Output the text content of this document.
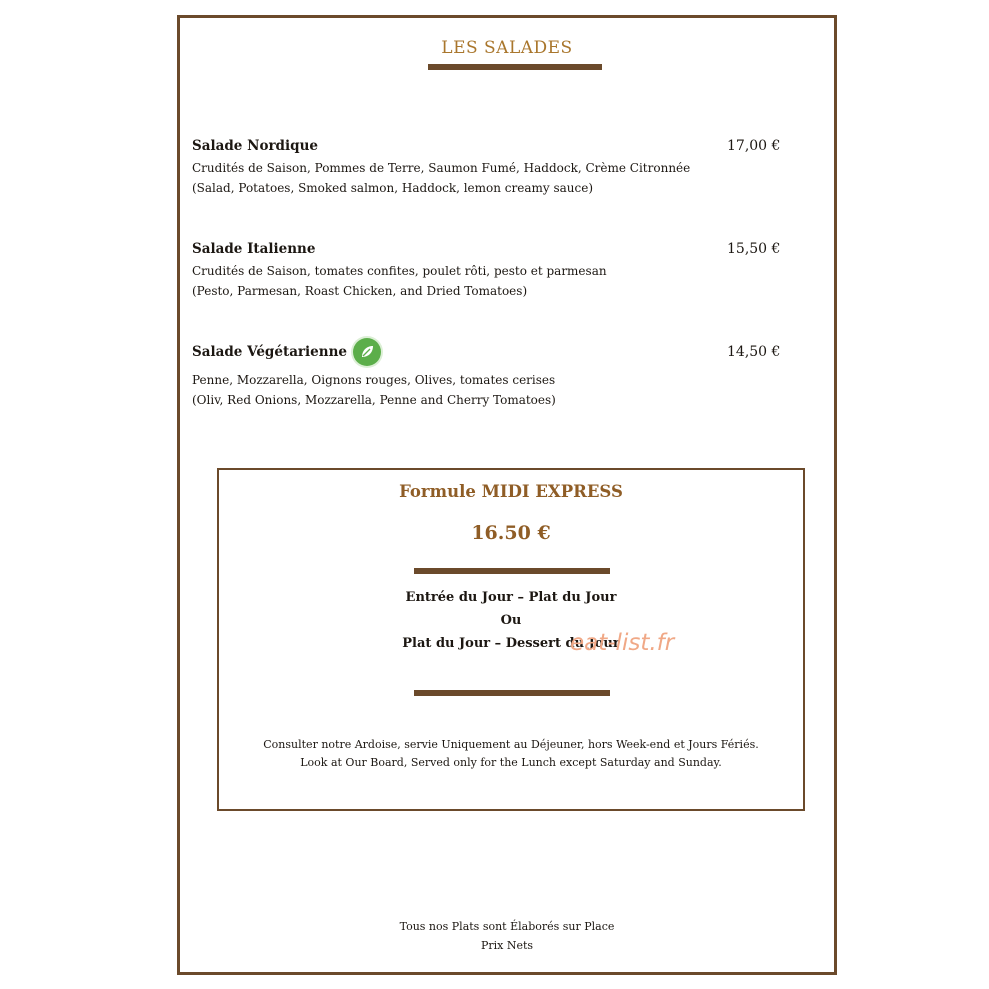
LES SALADES
Salade Nordique
Crudités de Saison, Pommes de Terre, Saumon Fumé, Haddock, Crème Citronnée
(Salad, Potatoes, Smoked salmon, Haddock, lemon creamy sauce)
17,00 €
Salade Italienne
Crudités de Saison, tomates confites, poulet rôti, pesto et parmesan
(Pesto, Parmesan, Roast Chicken, and Dried Tomatoes)
15,50 €
Salade Végétarienne
Penne, Mozzarella, Oignons rouges, Olives, tomates cerises
(Oliv, Red Onions, Mozzarella, Penne and Cherry Tomatoes)
14,50 €
Formule MIDI EXPRESS
16.50 €
Entrée du Jour – Plat du Jour
Ou
Plat du Jour – Dessert du Jour
Consulter notre Ardoise, servie Uniquement au Déjeuner, hors Week-end et Jours Fériés.
Look at Our Board, Served only for the Lunch except Saturday and Sunday.
Tous nos Plats sont Élaborés sur Place
Prix Nets
eat-list.fr
